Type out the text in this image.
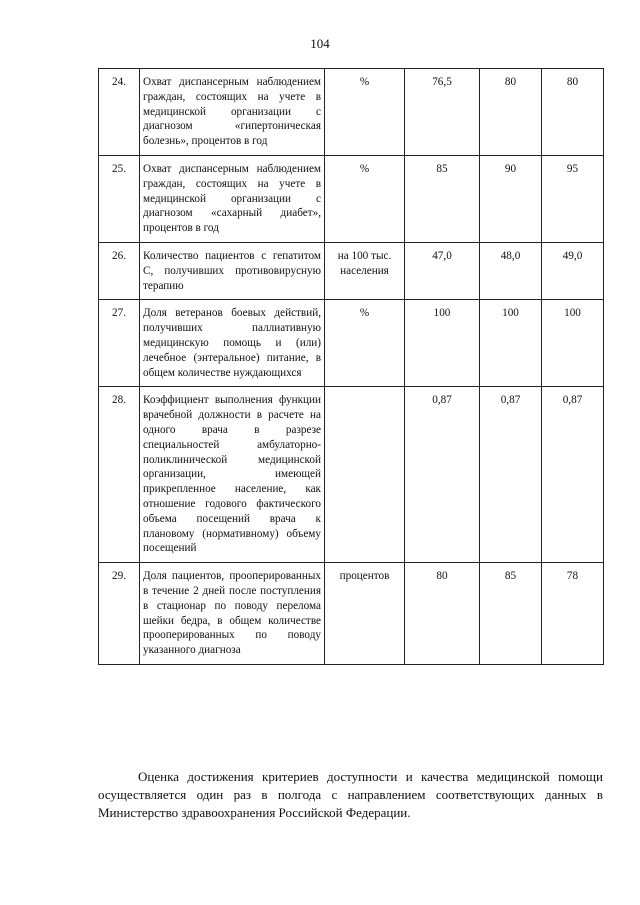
104
24.	Охват диспансерным наблюдением граждан, состоящих на учете в медицинской организации с диагнозом «гипертоническая болезнь», процентов в год	%	76,5	80	80
25.	Охват диспансерным наблюдением граждан, состоящих на учете в медицинской организации с диагнозом «сахарный диабет», процентов в год	%	85	90	95
26.	Количество пациентов с гепатитом С, получивших противовирусную терапию	на 100 тыс. населения	47,0	48,0	49,0
27.	Доля ветеранов боевых действий, получивших паллиативную медицинскую помощь и (или) лечебное (энтеральное) питание, в общем количестве нуждающихся	%	100	100	100
28.	Коэффициент выполнения функции врачебной должности в расчете на одного врача в разрезе специальностей амбулаторно-поликлинической медицинской организации, имеющей прикрепленное население, как отношение годового фактического объема посещений врача к плановому (нормативному) объему посещений		0,87	0,87	0,87
29.	Доля пациентов, прооперированных в течение 2 дней после поступления в стационар по поводу перелома шейки бедра, в общем количестве прооперированных по поводу указанного диагноза	процентов	80	85	78

Оценка достижения критериев доступности и качества медицинской помощи осуществляется один раз в полгода с направлением соответствующих данных в Министерство здравоохранения Российской Федерации.
